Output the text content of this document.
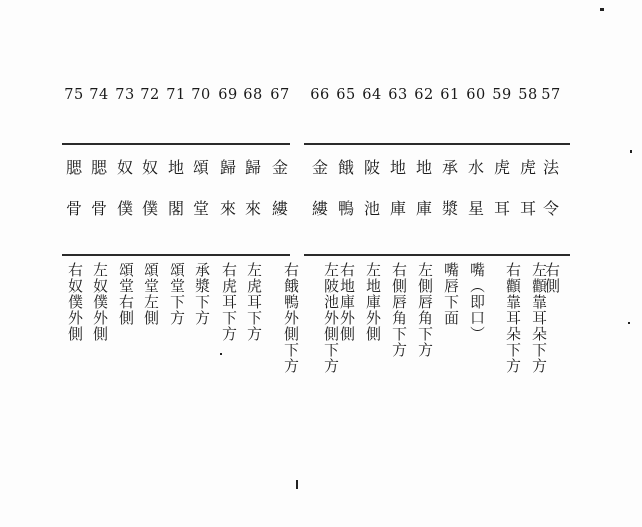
75
腮
骨
右奴僕外側
74
腮
骨
左奴僕外側
73
奴
僕
頌堂右側
72
奴
僕
頌堂左側
71
地
閣
頌堂下方
70
頌
堂
承漿下方
69
歸
來
右虎耳下方
68
歸
來
左虎耳下方
67
金
縷
右餓鴨外側下方
66
金
縷
左陂池外側下方
65
餓
鴨
右地庫外側
64
陂
池
左地庫外側
63
地
庫
右側唇角下方
62
地
庫
左側唇角下方
61
承
漿
嘴唇下面
60
水
星
嘴︵即口︶
59
虎
耳
右顴靠耳朵下方
58
虎
耳
左顴靠耳朵下方
57
法
令
右側
